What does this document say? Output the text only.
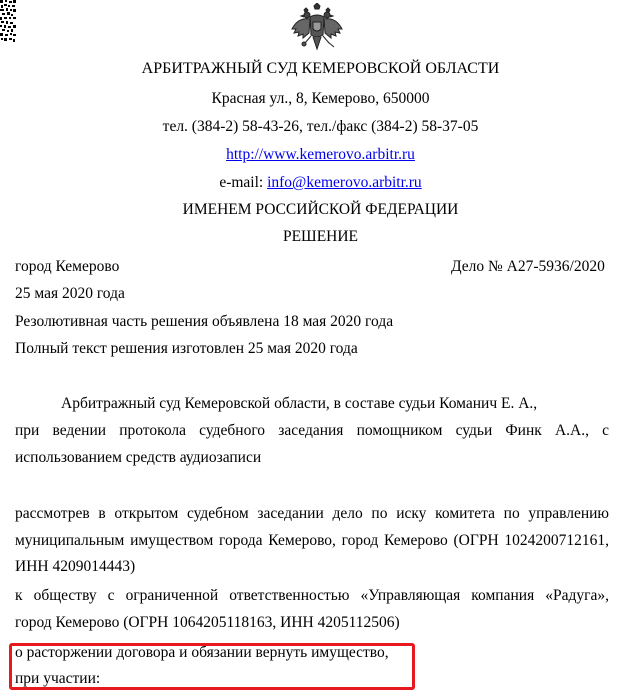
АРБИТРАЖНЫЙ СУД КЕМЕРОВСКОЙ ОБЛАСТИ
Красная ул., 8, Кемерово, 650000
тел. (384-2) 58-43-26, тел./факс (384-2) 58-37-05
http://www.kemerovo.arbitr.ru
e-mail: info@kemerovo.arbitr.ru
ИМЕНЕМ РОССИЙСКОЙ ФЕДЕРАЦИИ
РЕШЕНИЕ
город Кемерово	Дело № А27-5936/2020
25 мая 2020 года
Резолютивная часть решения объявлена 18 мая 2020 года
Полный текст решения изготовлен 25 мая 2020 года
Арбитражный суд Кемеровской области, в составе судьи Команич Е. А.,
при ведении протокола судебного заседания помощником судьи Финк А.А., с
использованием средств аудиозаписи
рассмотрев в открытом судебном заседании дело по иску комитета по управлению
муниципальным имуществом города Кемерово, город Кемерово (ОГРН 1024200712161,
ИНН 4209014443)
к обществу с ограниченной ответственностью «Управляющая компания «Радуга»,
город Кемерово (ОГРН 1064205118163, ИНН 4205112506)
о расторжении договора и обязании вернуть имущество,
при участии:
